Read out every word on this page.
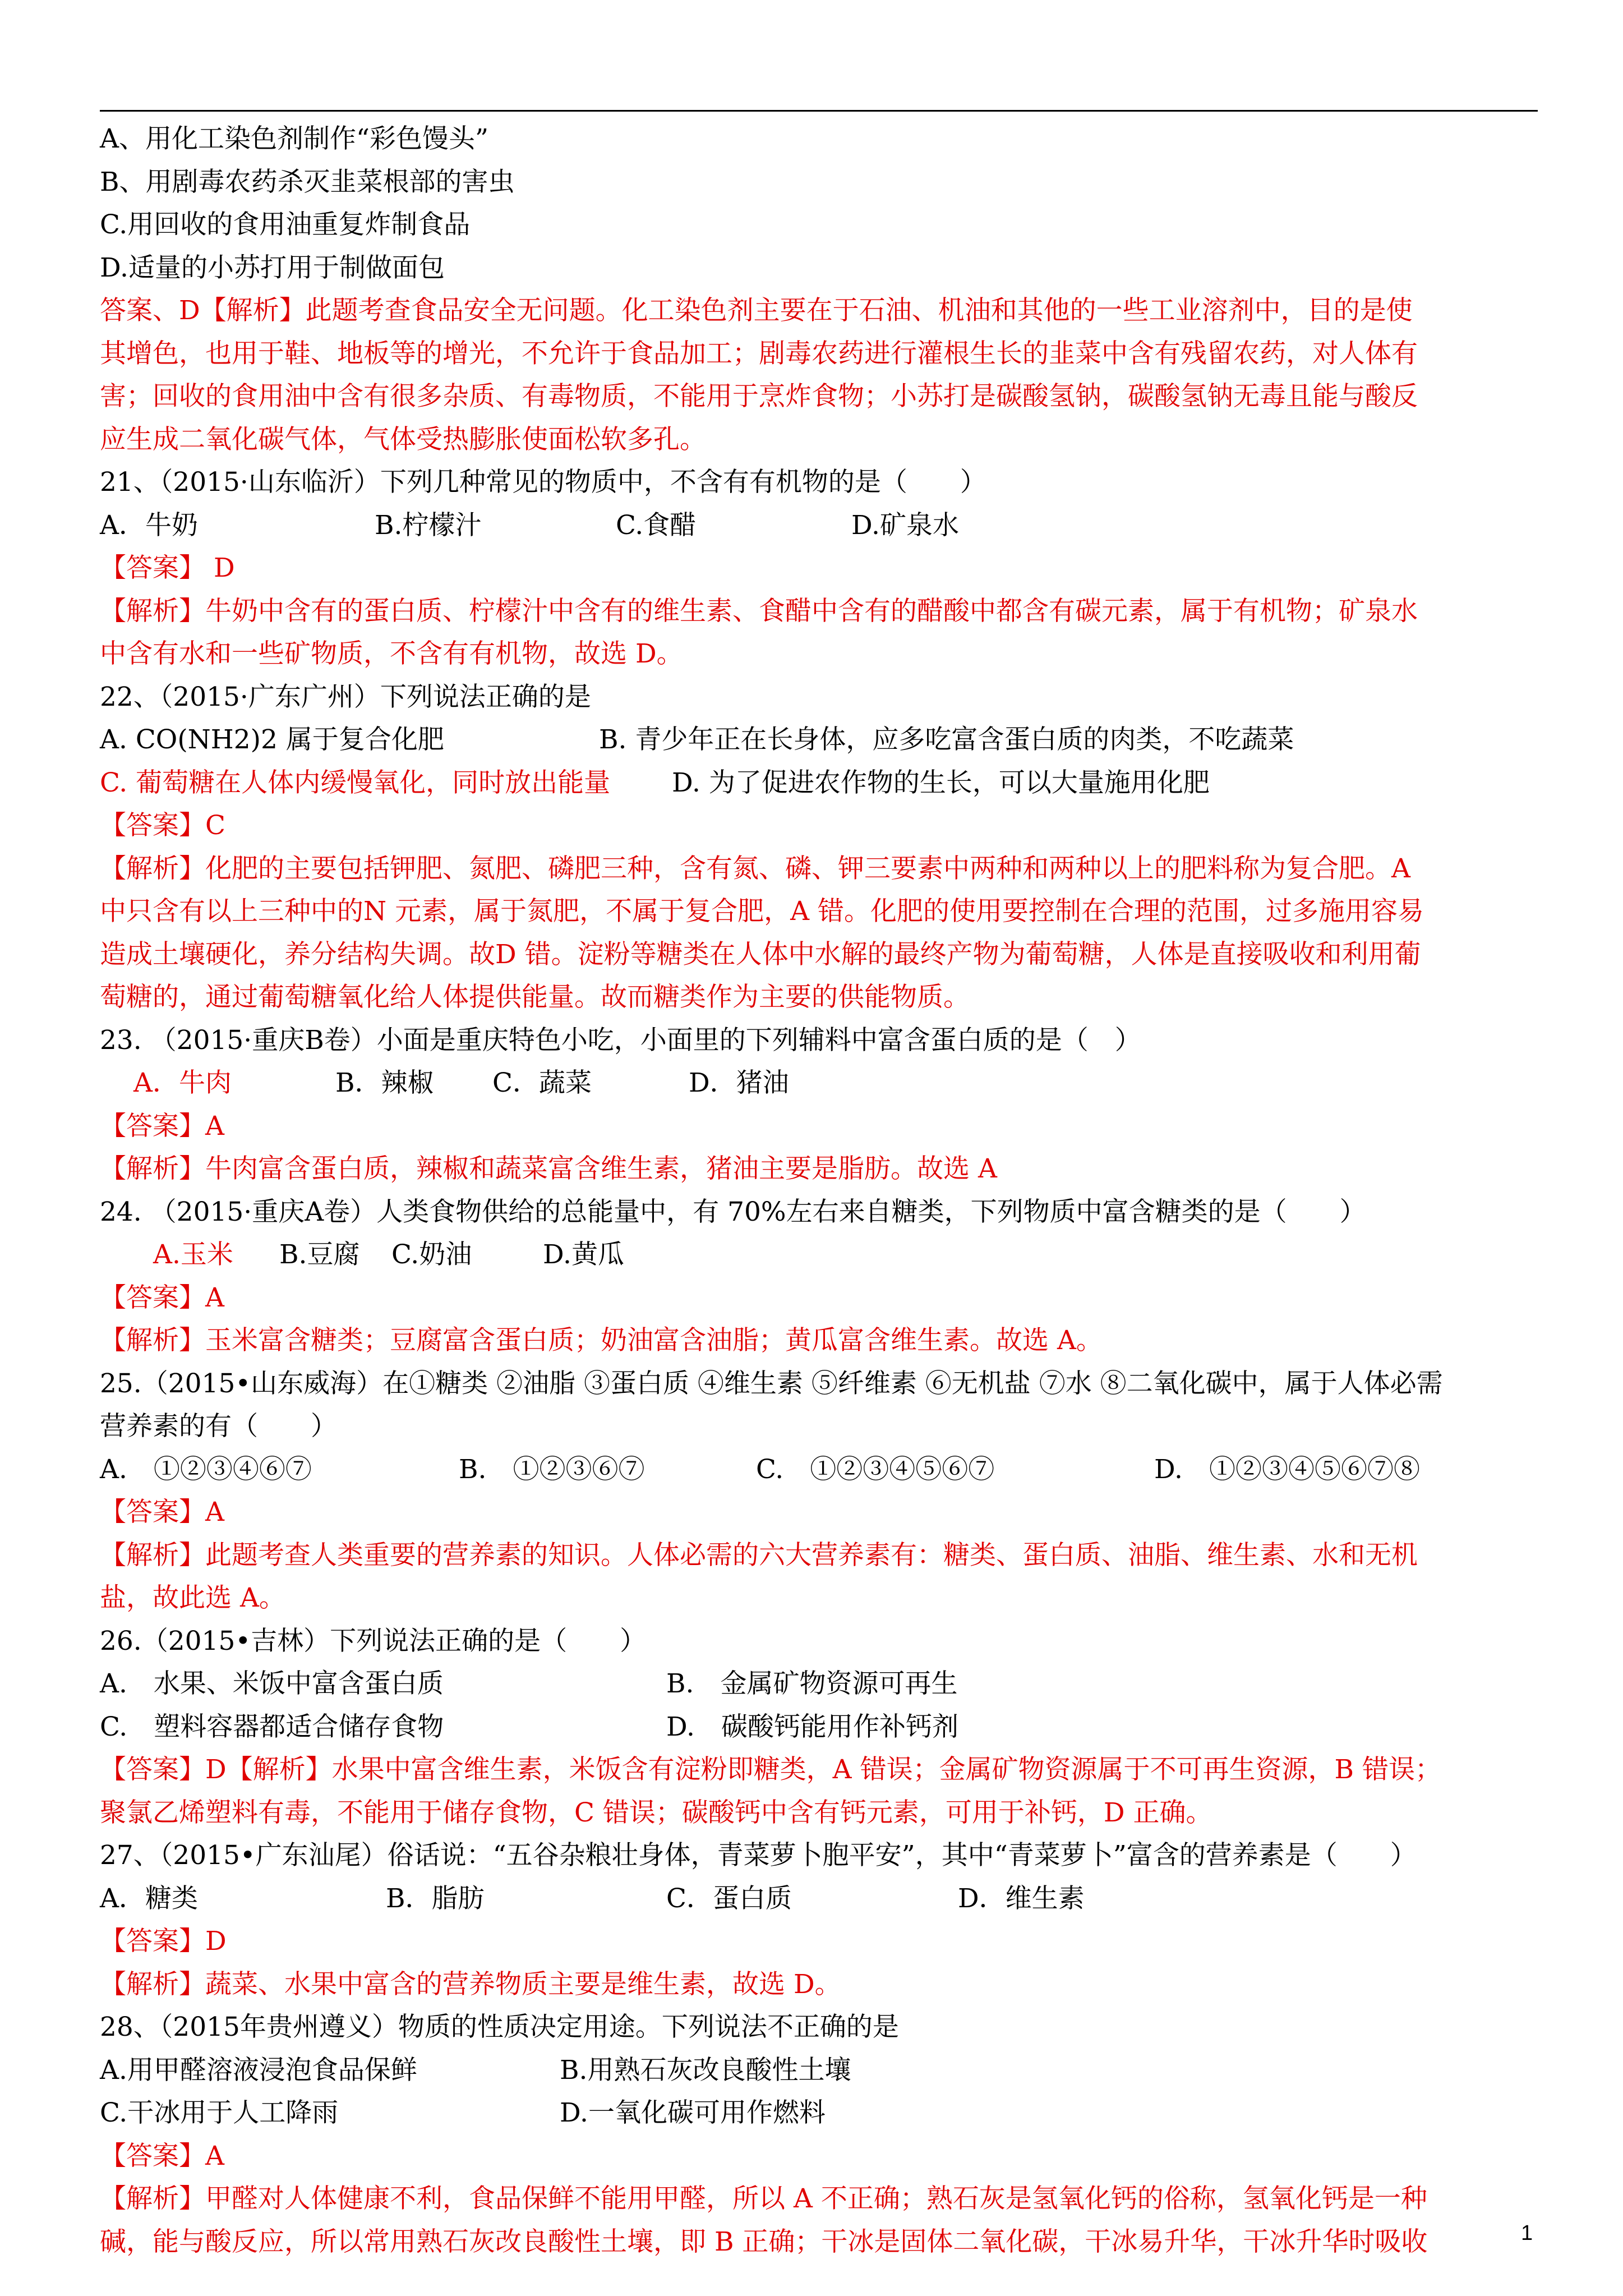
A、用化工染色剂制作“彩色馒头”
B、用剧毒农药杀灭韭菜根部的害虫
C.用回收的食用油重复炸制食品
D.适量的小苏打用于制做面包
答案、D【解析】此题考查食品安全无问题。化工染色剂主要在于石油、机油和其他的一些工业溶剂中，目的是使
其增色，也用于鞋、地板等的增光，不允许于食品加工；剧毒农药进行灌根生长的韭菜中含有残留农药，对人体有
害；回收的食用油中含有很多杂质、有毒物质，不能用于烹炸食物；小苏打是碳酸氢钠，碳酸氢钠无毒且能与酸反
应生成二氧化碳气体，气体受热膨胀使面松软多孔。
21、（2015·山东临沂）下列几种常见的物质中，不含有有机物的是（　　）
A．牛奶	B.柠檬汁	C.食醋	D.矿泉水
【答案】 D
【解析】牛奶中含有的蛋白质、柠檬汁中含有的维生素、食醋中含有的醋酸中都含有碳元素，属于有机物；矿泉水
中含有水和一些矿物质，不含有有机物，故选 D。
22、（2015·广东广州）下列说法正确的是
A. CO(NH2)2 属于复合化肥	B. 青少年正在长身体，应多吃富含蛋白质的肉类，不吃蔬菜
C. 葡萄糖在人体内缓慢氧化，同时放出能量 D. 为了促进农作物的生长，可以大量施用化肥
【答案】C
【解析】化肥的主要包括钾肥、氮肥、磷肥三种，含有氮、磷、钾三要素中两种和两种以上的肥料称为复合肥。A
中只含有以上三种中的N 元素，属于氮肥，不属于复合肥，A 错。化肥的使用要控制在合理的范围，过多施用容易
造成土壤硬化，养分结构失调。故D 错。淀粉等糖类在人体中水解的最终产物为葡萄糖，人体是直接吸收和利用葡
萄糖的，通过葡萄糖氧化给人体提供能量。故而糖类作为主要的供能物质。
23. （2015·重庆B卷）小面是重庆特色小吃，小面里的下列辅料中富含蛋白质的是（　）
A．牛肉	B．辣椒 C．蔬菜	D．猪油
【答案】A
【解析】牛肉富含蛋白质，辣椒和蔬菜富含维生素，猪油主要是脂肪。故选 A
24. （2015·重庆A卷）人类食物供给的总能量中，有 70%左右来自糖类，下列物质中富含糖类的是（　　）
A.玉米 B.豆腐 C.奶油	D.黄瓜
【答案】A
【解析】玉米富含糖类；豆腐富含蛋白质；奶油富含油脂；黄瓜富含维生素。故选 A。
25.（2015•山东威海）在①糖类 ②油脂 ③蛋白质 ④维生素 ⑤纤维素 ⑥无机盐 ⑦水 ⑧二氧化碳中，属于人体必需
营养素的有（　　）
A.　①②③④⑥⑦	B.　①②③⑥⑦	C.　①②③④⑤⑥⑦	D.　①②③④⑤⑥⑦⑧
【答案】A
【解析】此题考查人类重要的营养素的知识。人体必需的六大营养素有：糖类、蛋白质、油脂、维生素、水和无机
盐，故此选 A。
26.（2015•吉林）下列说法正确的是（　　）
A.　水果、米饭中富含蛋白质	B.　金属矿物资源可再生
C.　塑料容器都适合储存食物	D.　碳酸钙能用作补钙剂
【答案】D【解析】水果中富含维生素，米饭含有淀粉即糖类，A 错误；金属矿物资源属于不可再生资源，B 错误；
聚氯乙烯塑料有毒，不能用于储存食物，C 错误；碳酸钙中含有钙元素，可用于补钙，D 正确。
27、（2015•广东汕尾）俗话说：“五谷杂粮壮身体，青菜萝卜胞平安”，其中“青菜萝卜”富含的营养素是（　　）
A．糖类	B．脂肪	C．蛋白质	D．维生素
【答案】D
【解析】蔬菜、水果中富含的营养物质主要是维生素，故选 D。
28、（2015年贵州遵义）物质的性质决定用途。下列说法不正确的是
A.用甲醛溶液浸泡食品保鲜	B.用熟石灰改良酸性土壤
C.干冰用于人工降雨	D.一氧化碳可用作燃料
【答案】A
【解析】甲醛对人体健康不利，食品保鲜不能用甲醛，所以 A 不正确；熟石灰是氢氧化钙的俗称，氢氧化钙是一种
碱，能与酸反应，所以常用熟石灰改良酸性土壤，即 B 正确；干冰是固体二氧化碳，干冰易升华，干冰升华时吸收	1
